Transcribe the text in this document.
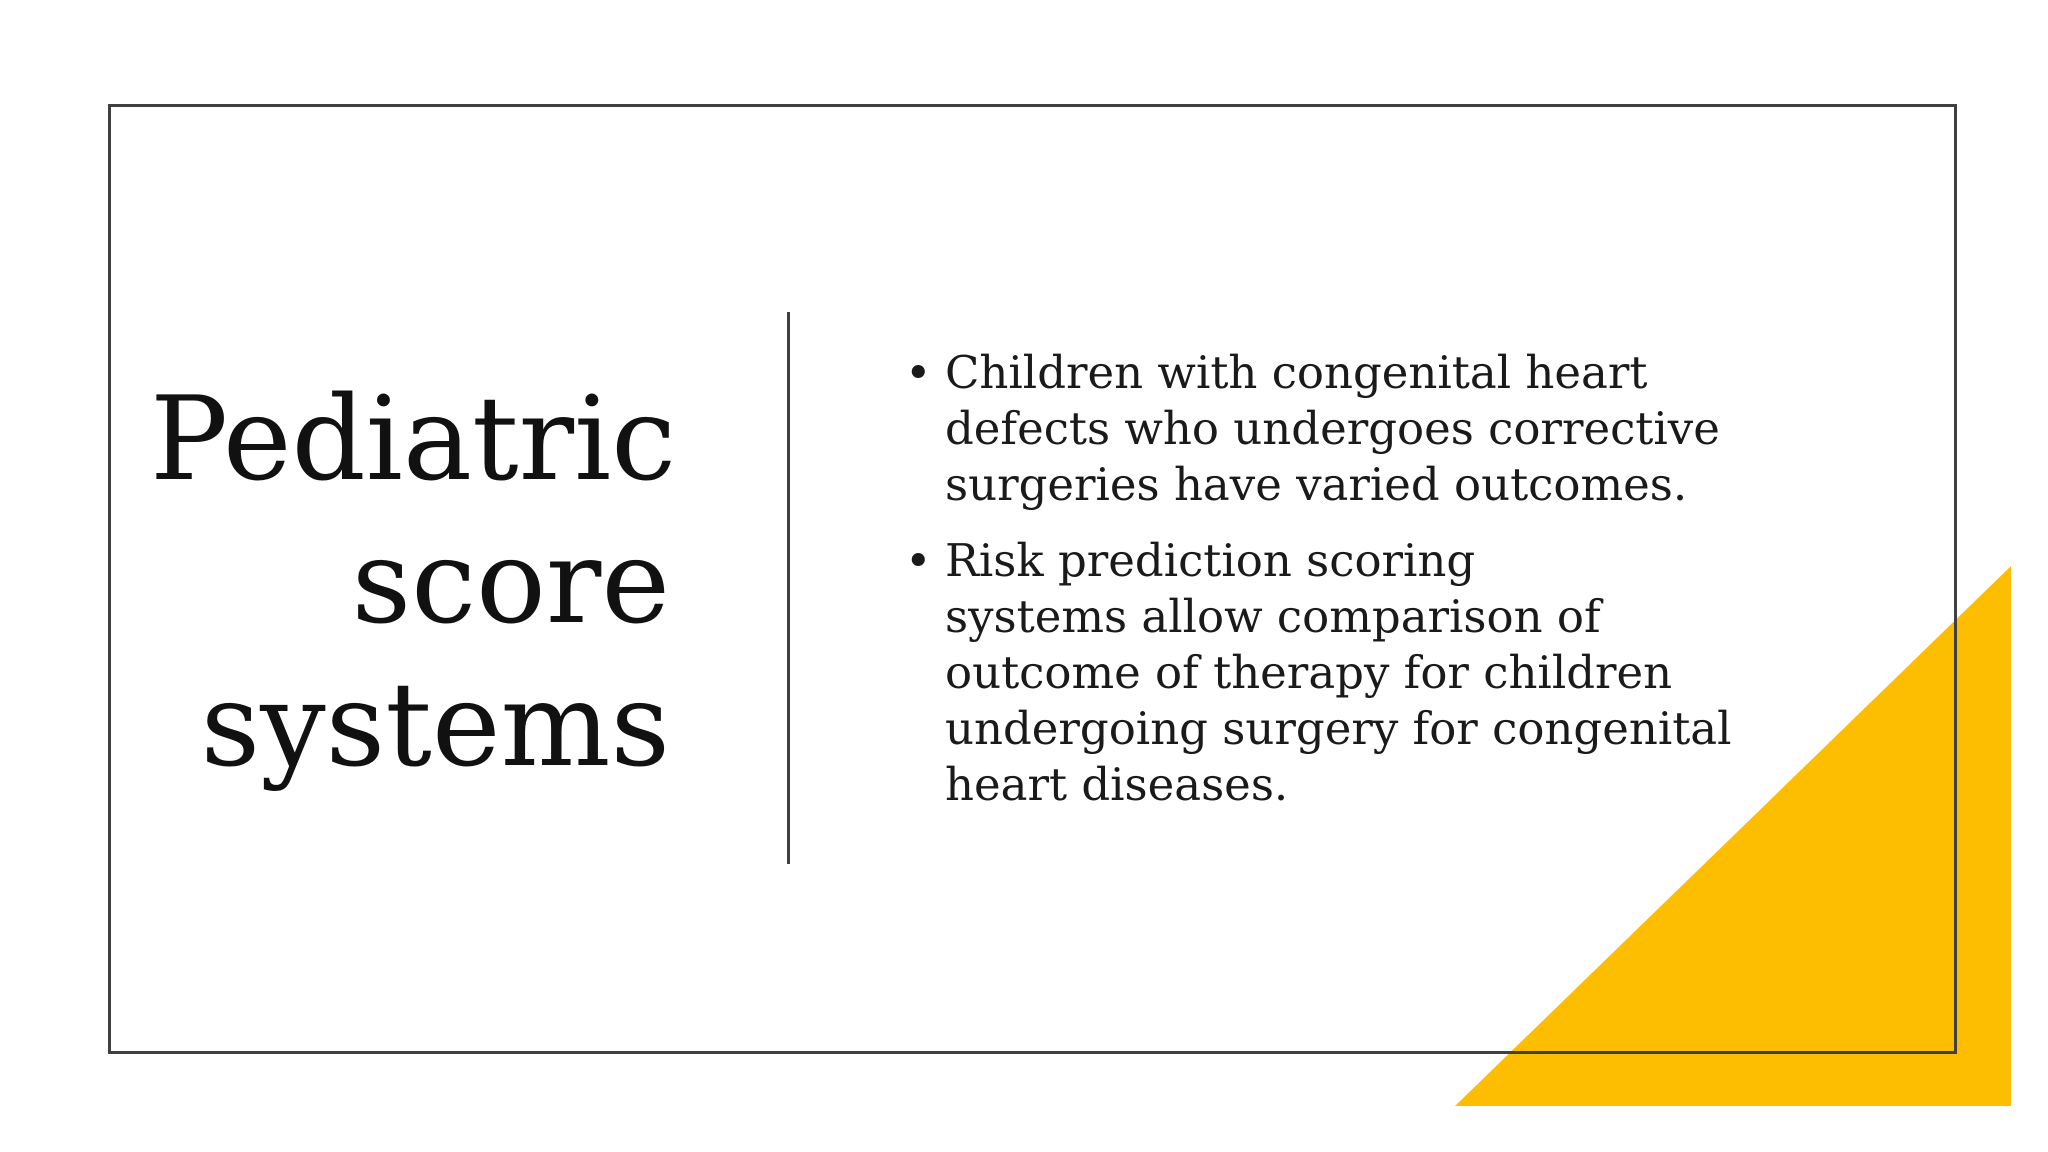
Pediatric
score
systems
• Children with congenital heart
defects who undergoes corrective
surgeries have varied outcomes.
• Risk prediction scoring
systems allow comparison of
outcome of therapy for children
undergoing surgery for congenital
heart diseases.
